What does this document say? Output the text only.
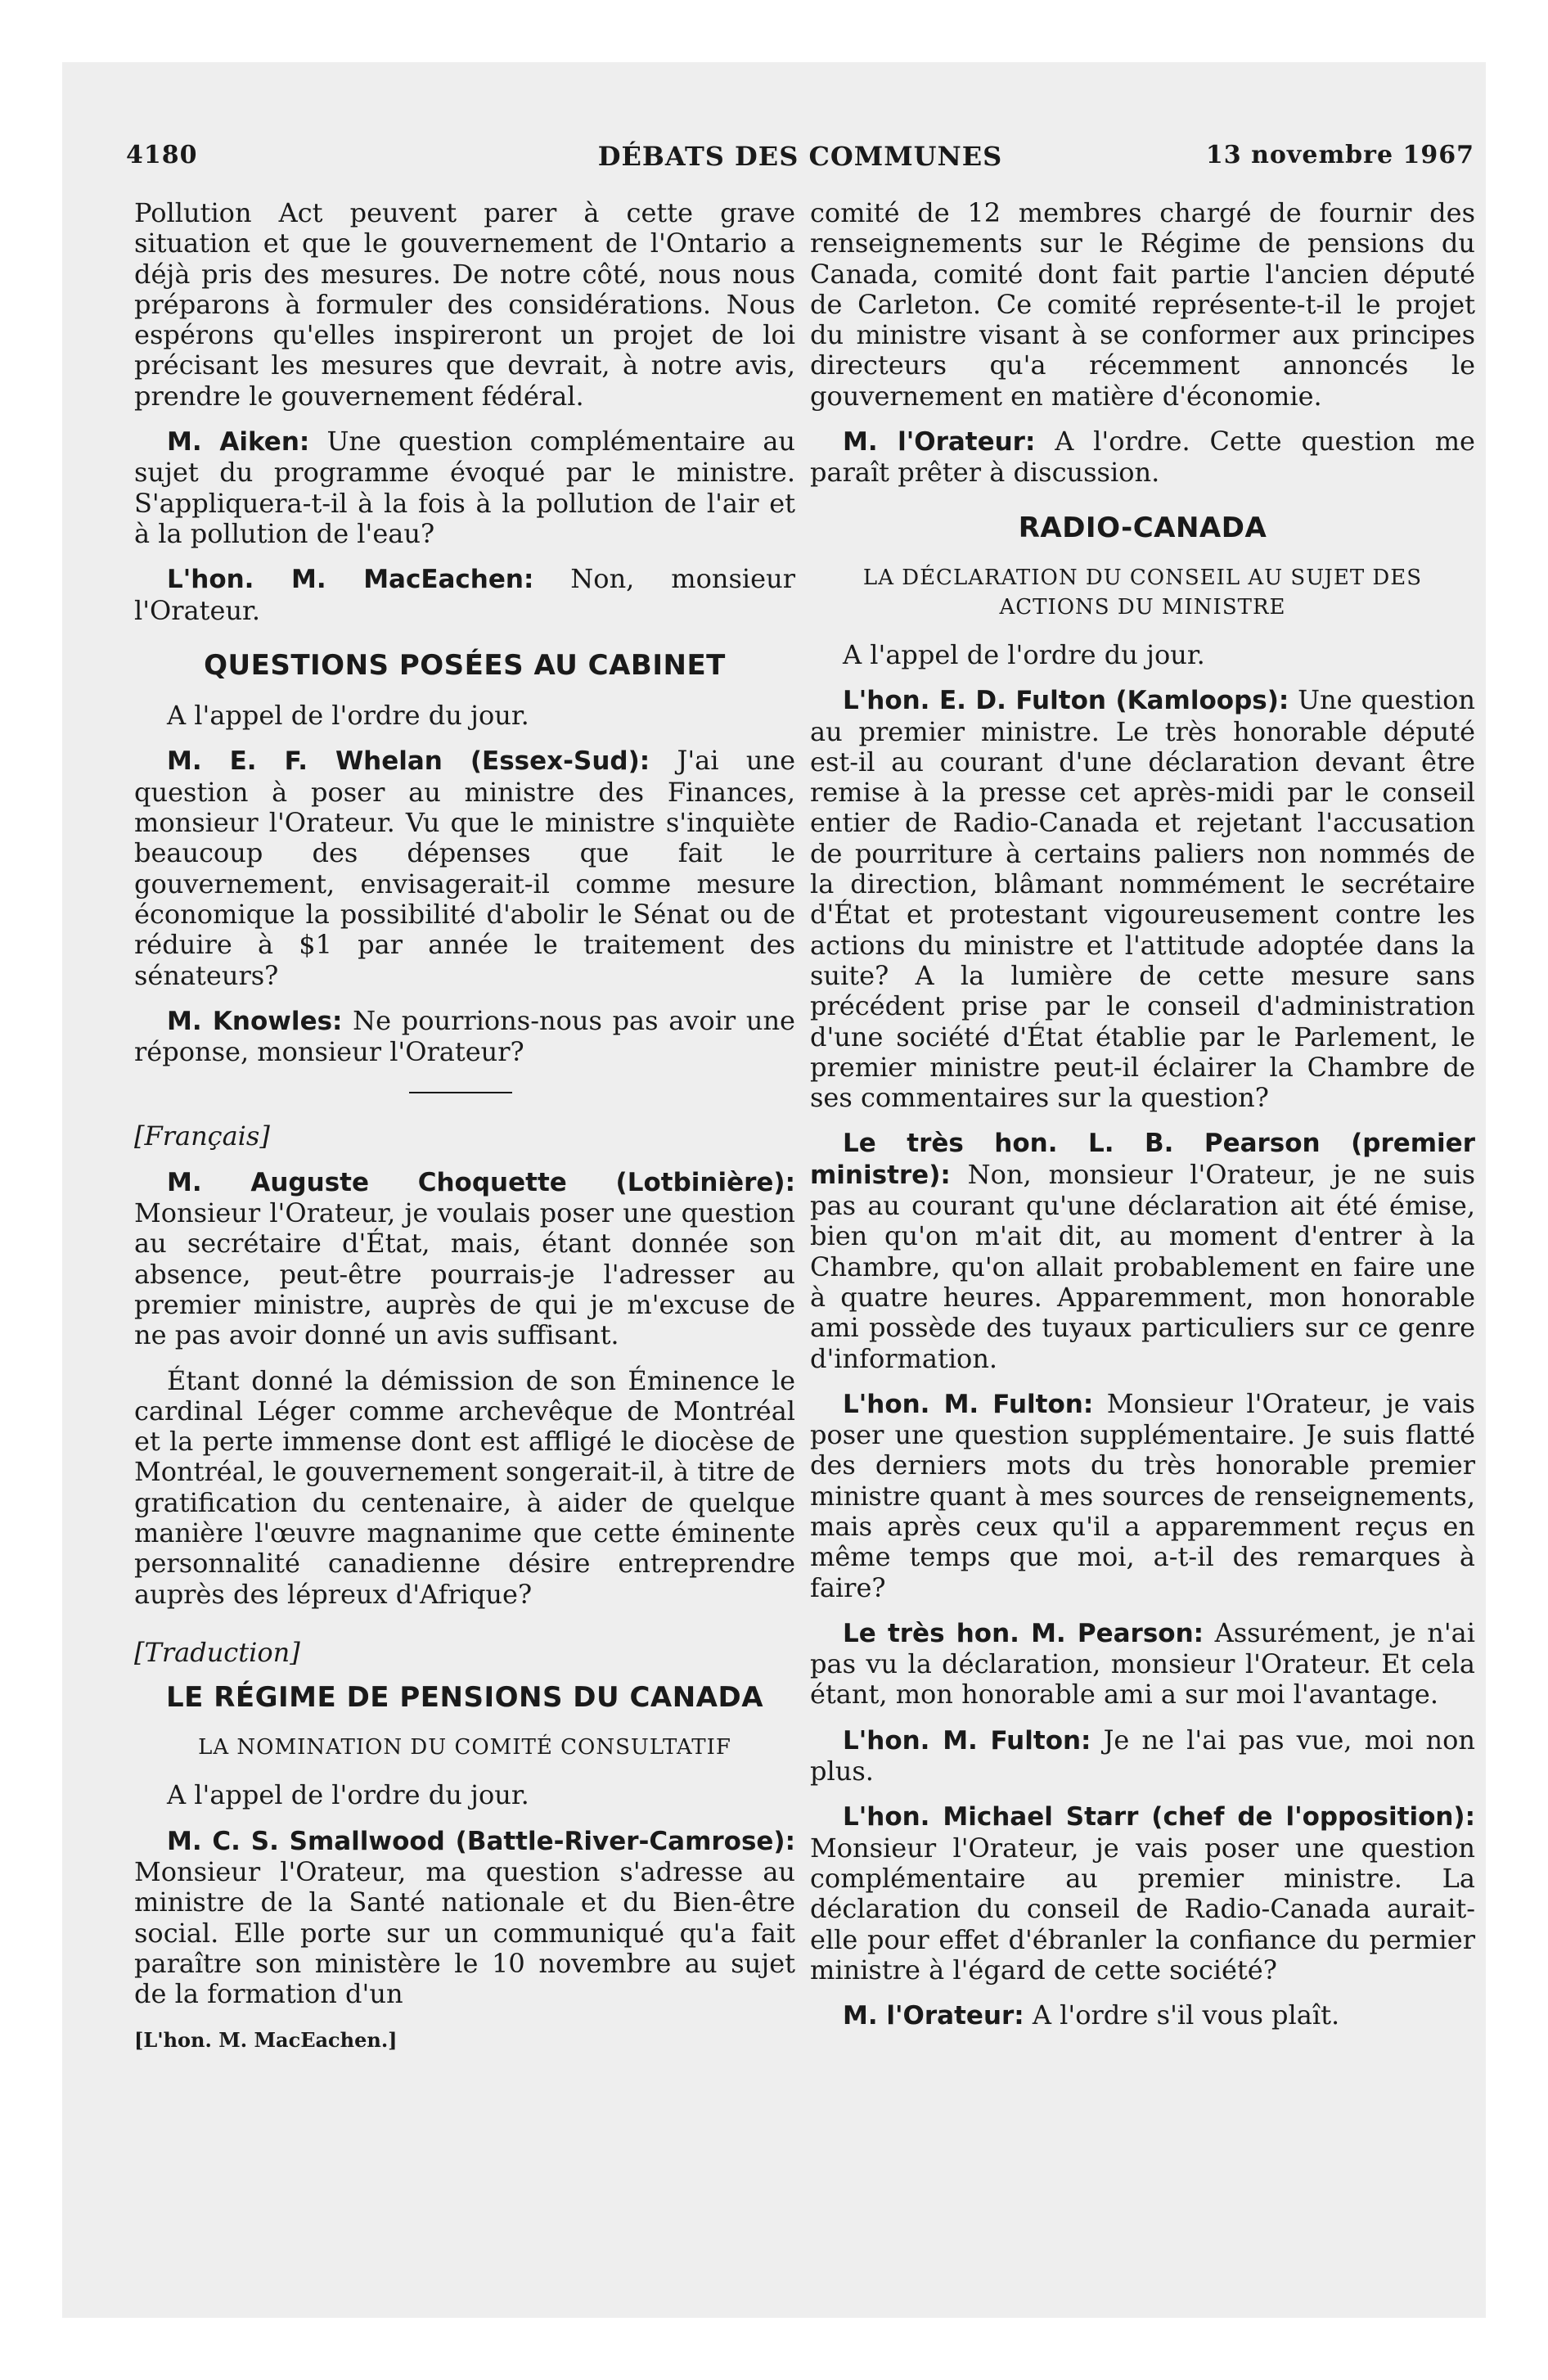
DÉBATS DES COMMUNES
4180	13 novembre 1967

Pollution Act peuvent parer à cette grave situation et que le gouvernement de l'Ontario a déjà pris des mesures. De notre côté, nous nous préparons à formuler des considérations. Nous espérons qu'elles inspireront un projet de loi précisant les mesures que devrait, à notre avis, prendre le gouvernement fédéral.

M. Aiken: Une question complémentaire au sujet du programme évoqué par le ministre. S'appliquera-t-il à la fois à la pollution de l'air et à la pollution de l'eau?

L'hon. M. MacEachen: Non, monsieur l'Orateur.

QUESTIONS POSÉES AU CABINET

A l'appel de l'ordre du jour.

M. E. F. Whelan (Essex-Sud): J'ai une question à poser au ministre des Finances, monsieur l'Orateur. Vu que le ministre s'inquiète beaucoup des dépenses que fait le gouvernement, envisagerait-il comme mesure économique la possibilité d'abolir le Sénat ou de réduire à $1 par année le traitement des sénateurs?

M. Knowles: Ne pourrions-nous pas avoir une réponse, monsieur l'Orateur?

[Français]

M. Auguste Choquette (Lotbinière): Monsieur l'Orateur, je voulais poser une question au secrétaire d'État, mais, étant donnée son absence, peut-être pourrais-je l'adresser au premier ministre, auprès de qui je m'excuse de ne pas avoir donné un avis suffisant.

Étant donné la démission de son Éminence le cardinal Léger comme archevêque de Montréal et la perte immense dont est affligé le diocèse de Montréal, le gouvernement songerait-il, à titre de gratification du centenaire, à aider de quelque manière l'œuvre magnanime que cette éminente personnalité canadienne désire entreprendre auprès des lépreux d'Afrique?

[Traduction]
LE RÉGIME DE PENSIONS DU CANADA
LA NOMINATION DU COMITÉ CONSULTATIF

A l'appel de l'ordre du jour.

M. C. S. Smallwood (Battle-River-Camrose): Monsieur l'Orateur, ma question s'adresse au ministre de la Santé nationale et du Bien-être social. Elle porte sur un communiqué qu'a fait paraître son ministère le 10 novembre au sujet de la formation d'un

[L'hon. M. MacEachen.]

comité de 12 membres chargé de fournir des renseignements sur le Régime de pensions du Canada, comité dont fait partie l'ancien député de Carleton. Ce comité représente-t-il le projet du ministre visant à se conformer aux principes directeurs qu'a récemment annoncés le gouvernement en matière d'économie.

M. l'Orateur: A l'ordre. Cette question me paraît prêter à discussion.

RADIO-CANADA
LA DÉCLARATION DU CONSEIL AU SUJET DES ACTIONS DU MINISTRE

A l'appel de l'ordre du jour.

L'hon. E. D. Fulton (Kamloops): Une question au premier ministre. Le très honorable député est-il au courant d'une déclaration devant être remise à la presse cet après-midi par le conseil entier de Radio-Canada et rejetant l'accusation de pourriture à certains paliers non nommés de la direction, blâmant nommément le secrétaire d'État et protestant vigoureusement contre les actions du ministre et l'attitude adoptée dans la suite? A la lumière de cette mesure sans précédent prise par le conseil d'administration d'une société d'État établie par le Parlement, le premier ministre peut-il éclairer la Chambre de ses commentaires sur la question?

Le très hon. L. B. Pearson (premier ministre): Non, monsieur l'Orateur, je ne suis pas au courant qu'une déclaration ait été émise, bien qu'on m'ait dit, au moment d'entrer à la Chambre, qu'on allait probablement en faire une à quatre heures. Apparemment, mon honorable ami possède des tuyaux particuliers sur ce genre d'information.

L'hon. M. Fulton: Monsieur l'Orateur, je vais poser une question supplémentaire. Je suis flatté des derniers mots du très honorable premier ministre quant à mes sources de renseignements, mais après ceux qu'il a apparemment reçus en même temps que moi, a-t-il des remarques à faire?

Le très hon. M. Pearson: Assurément, je n'ai pas vu la déclaration, monsieur l'Orateur. Et cela étant, mon honorable ami a sur moi l'avantage.

L'hon. M. Fulton: Je ne l'ai pas vue, moi non plus.

L'hon. Michael Starr (chef de l'opposition): Monsieur l'Orateur, je vais poser une question complémentaire au premier ministre. La déclaration du conseil de Radio-Canada aurait-elle pour effet d'ébranler la confiance du permier ministre à l'égard de cette société?

M. l'Orateur: A l'ordre s'il vous plaît.
